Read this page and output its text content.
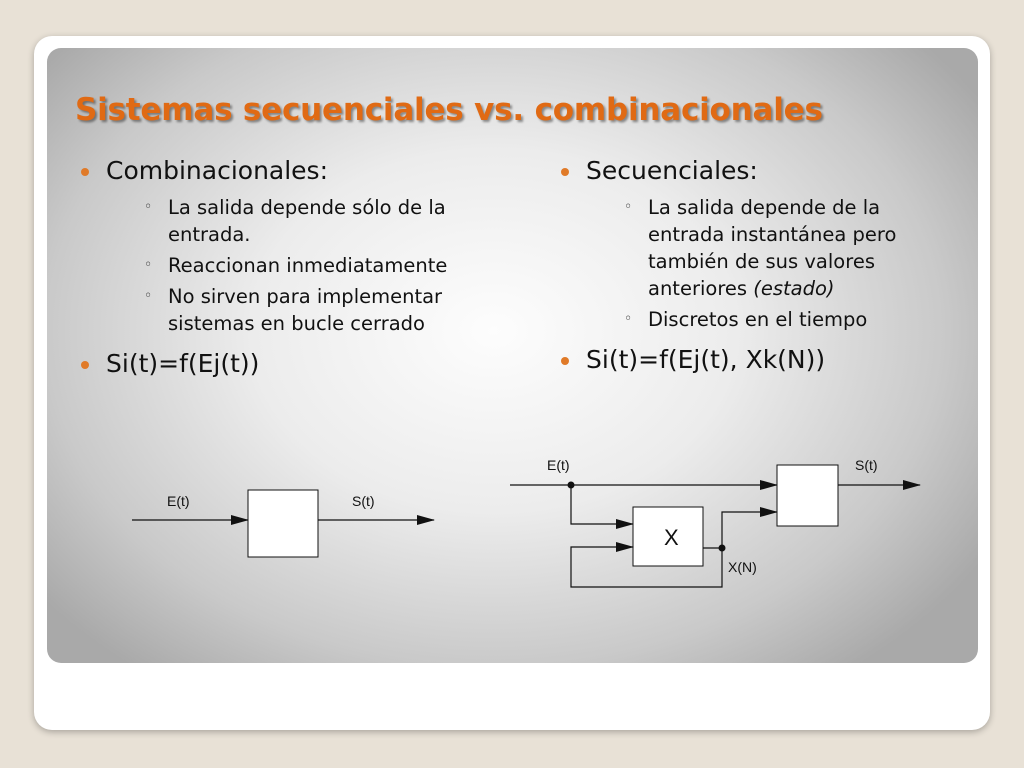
Sistemas secuenciales vs. combinacionales
Combinacionales:
◦ La salida depende sólo de la entrada.
◦ Reaccionan inmediatamente
◦ No sirven para implementar sistemas en bucle cerrado
Si(t)=f(Ej(t))
Secuenciales:
◦ La salida depende de la entrada instantánea pero también de sus valores anteriores (estado)
◦ Discretos en el tiempo
Si(t)=f(Ej(t), Xk(N))
E(t)	S(t)
X
E(t)	S(t)
X(N)
